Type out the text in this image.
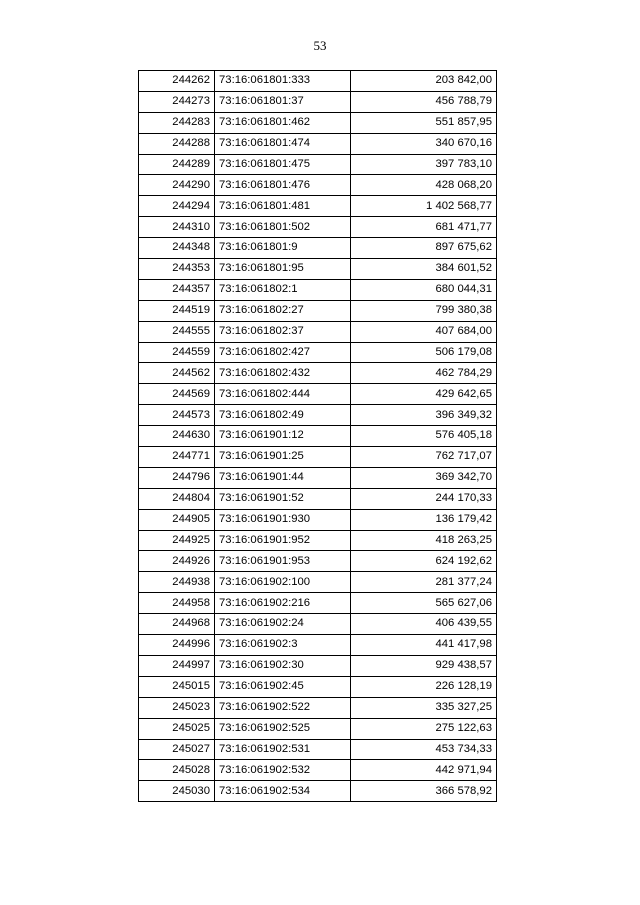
53
244262	73:16:061801:333	203 842,00
244273	73:16:061801:37	456 788,79
244283	73:16:061801:462	551 857,95
244288	73:16:061801:474	340 670,16
244289	73:16:061801:475	397 783,10
244290	73:16:061801:476	428 068,20
244294	73:16:061801:481	1 402 568,77
244310	73:16:061801:502	681 471,77
244348	73:16:061801:9	897 675,62
244353	73:16:061801:95	384 601,52
244357	73:16:061802:1	680 044,31
244519	73:16:061802:27	799 380,38
244555	73:16:061802:37	407 684,00
244559	73:16:061802:427	506 179,08
244562	73:16:061802:432	462 784,29
244569	73:16:061802:444	429 642,65
244573	73:16:061802:49	396 349,32
244630	73:16:061901:12	576 405,18
244771	73:16:061901:25	762 717,07
244796	73:16:061901:44	369 342,70
244804	73:16:061901:52	244 170,33
244905	73:16:061901:930	136 179,42
244925	73:16:061901:952	418 263,25
244926	73:16:061901:953	624 192,62
244938	73:16:061902:100	281 377,24
244958	73:16:061902:216	565 627,06
244968	73:16:061902:24	406 439,55
244996	73:16:061902:3	441 417,98
244997	73:16:061902:30	929 438,57
245015	73:16:061902:45	226 128,19
245023	73:16:061902:522	335 327,25
245025	73:16:061902:525	275 122,63
245027	73:16:061902:531	453 734,33
245028	73:16:061902:532	442 971,94
245030	73:16:061902:534	366 578,92
